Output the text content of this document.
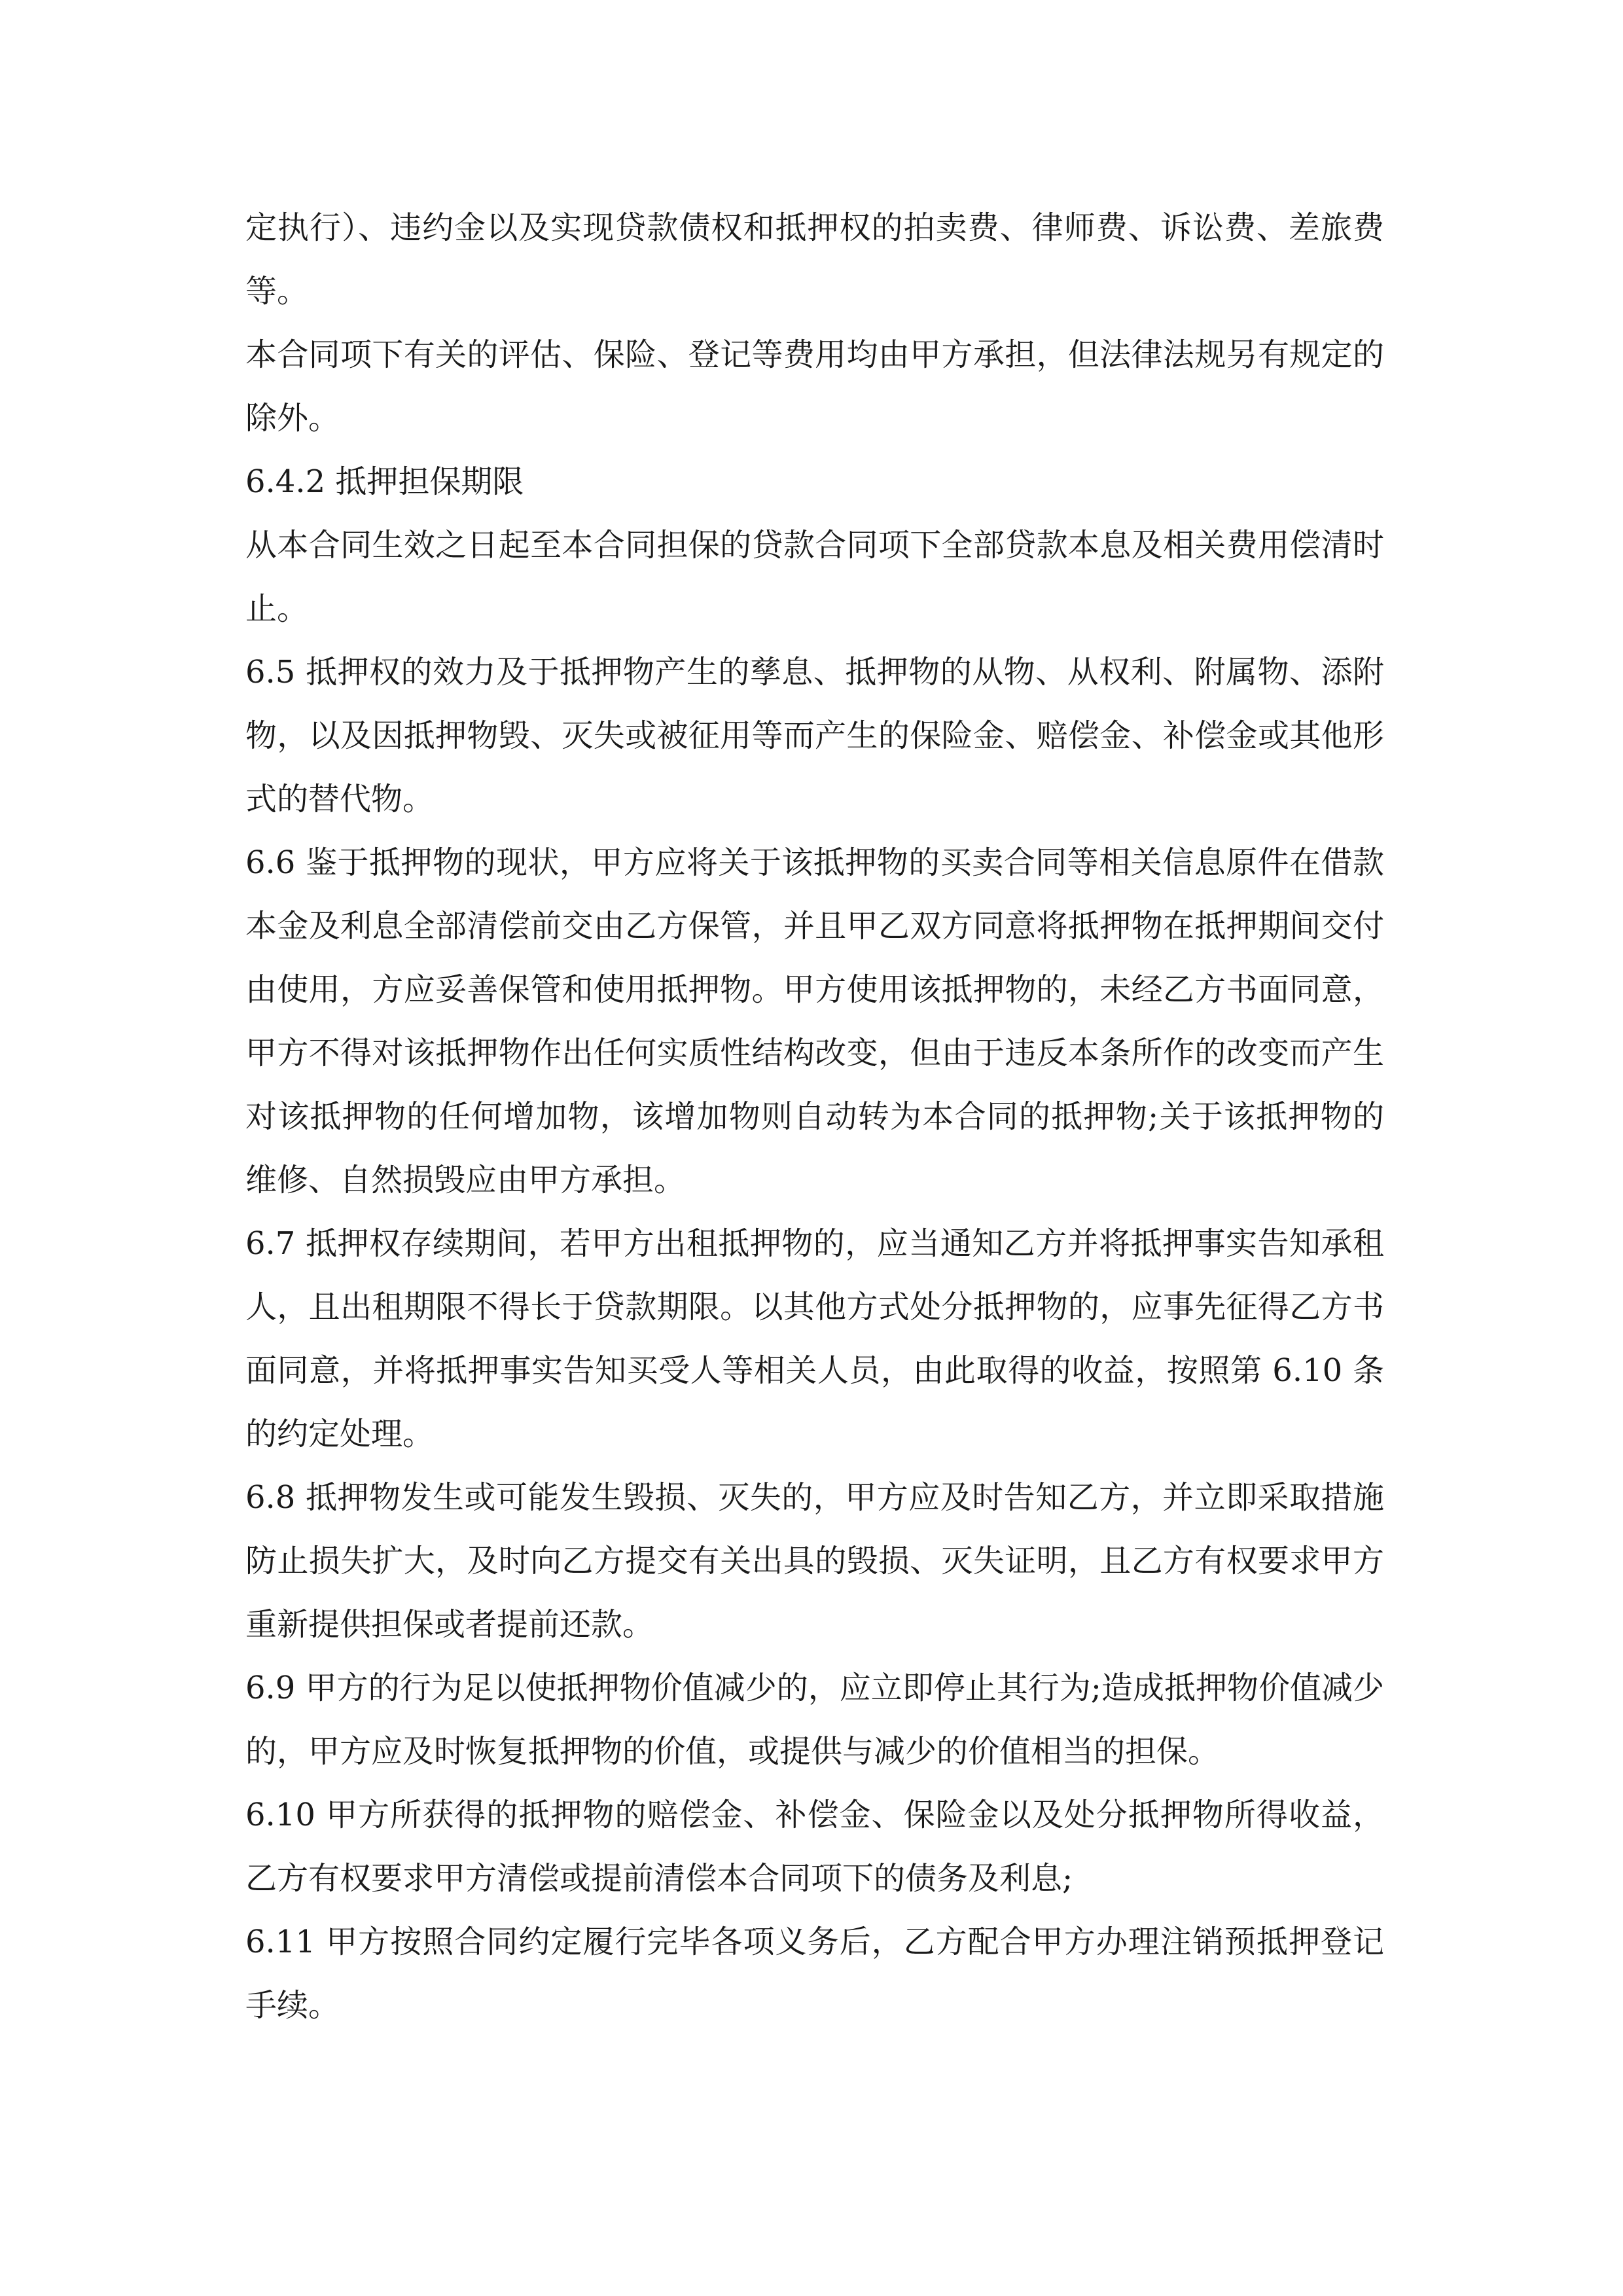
定执行）、违约金以及实现贷款债权和抵押权的拍卖费、律师费、诉讼费、差旅费等。

本合同项下有关的评估、保险、登记等费用均由甲方承担，但法律法规另有规定的除外。

6.4.2 抵押担保期限

从本合同生效之日起至本合同担保的贷款合同项下全部贷款本息及相关费用偿清时止。

6.5 抵押权的效力及于抵押物产生的孳息、抵押物的从物、从权利、附属物、添附物，以及因抵押物毁、灭失或被征用等而产生的保险金、赔偿金、补偿金或其他形式的替代物。

6.6 鉴于抵押物的现状，甲方应将关于该抵押物的买卖合同等相关信息原件在借款本金及利息全部清偿前交由乙方保管，并且甲乙双方同意将抵押物在抵押期间交付由使用，方应妥善保管和使用抵押物。甲方使用该抵押物的，未经乙方书面同意，甲方不得对该抵押物作出任何实质性结构改变，但由于违反本条所作的改变而产生对该抵押物的任何增加物，该增加物则自动转为本合同的抵押物;关于该抵押物的维修、自然损毁应由甲方承担。

6.7 抵押权存续期间，若甲方出租抵押物的，应当通知乙方并将抵押事实告知承租人，且出租期限不得长于贷款期限。以其他方式处分抵押物的，应事先征得乙方书面同意，并将抵押事实告知买受人等相关人员，由此取得的收益，按照第 6.10 条的约定处理。

6.8 抵押物发生或可能发生毁损、灭失的，甲方应及时告知乙方，并立即采取措施防止损失扩大，及时向乙方提交有关出具的毁损、灭失证明，且乙方有权要求甲方重新提供担保或者提前还款。

6.9 甲方的行为足以使抵押物价值减少的，应立即停止其行为;造成抵押物价值减少的，甲方应及时恢复抵押物的价值，或提供与减少的价值相当的担保。

6.10 甲方所获得的抵押物的赔偿金、补偿金、保险金以及处分抵押物所得收益，乙方有权要求甲方清偿或提前清偿本合同项下的债务及利息;

6.11 甲方按照合同约定履行完毕各项义务后，乙方配合甲方办理注销预抵押登记手续。
